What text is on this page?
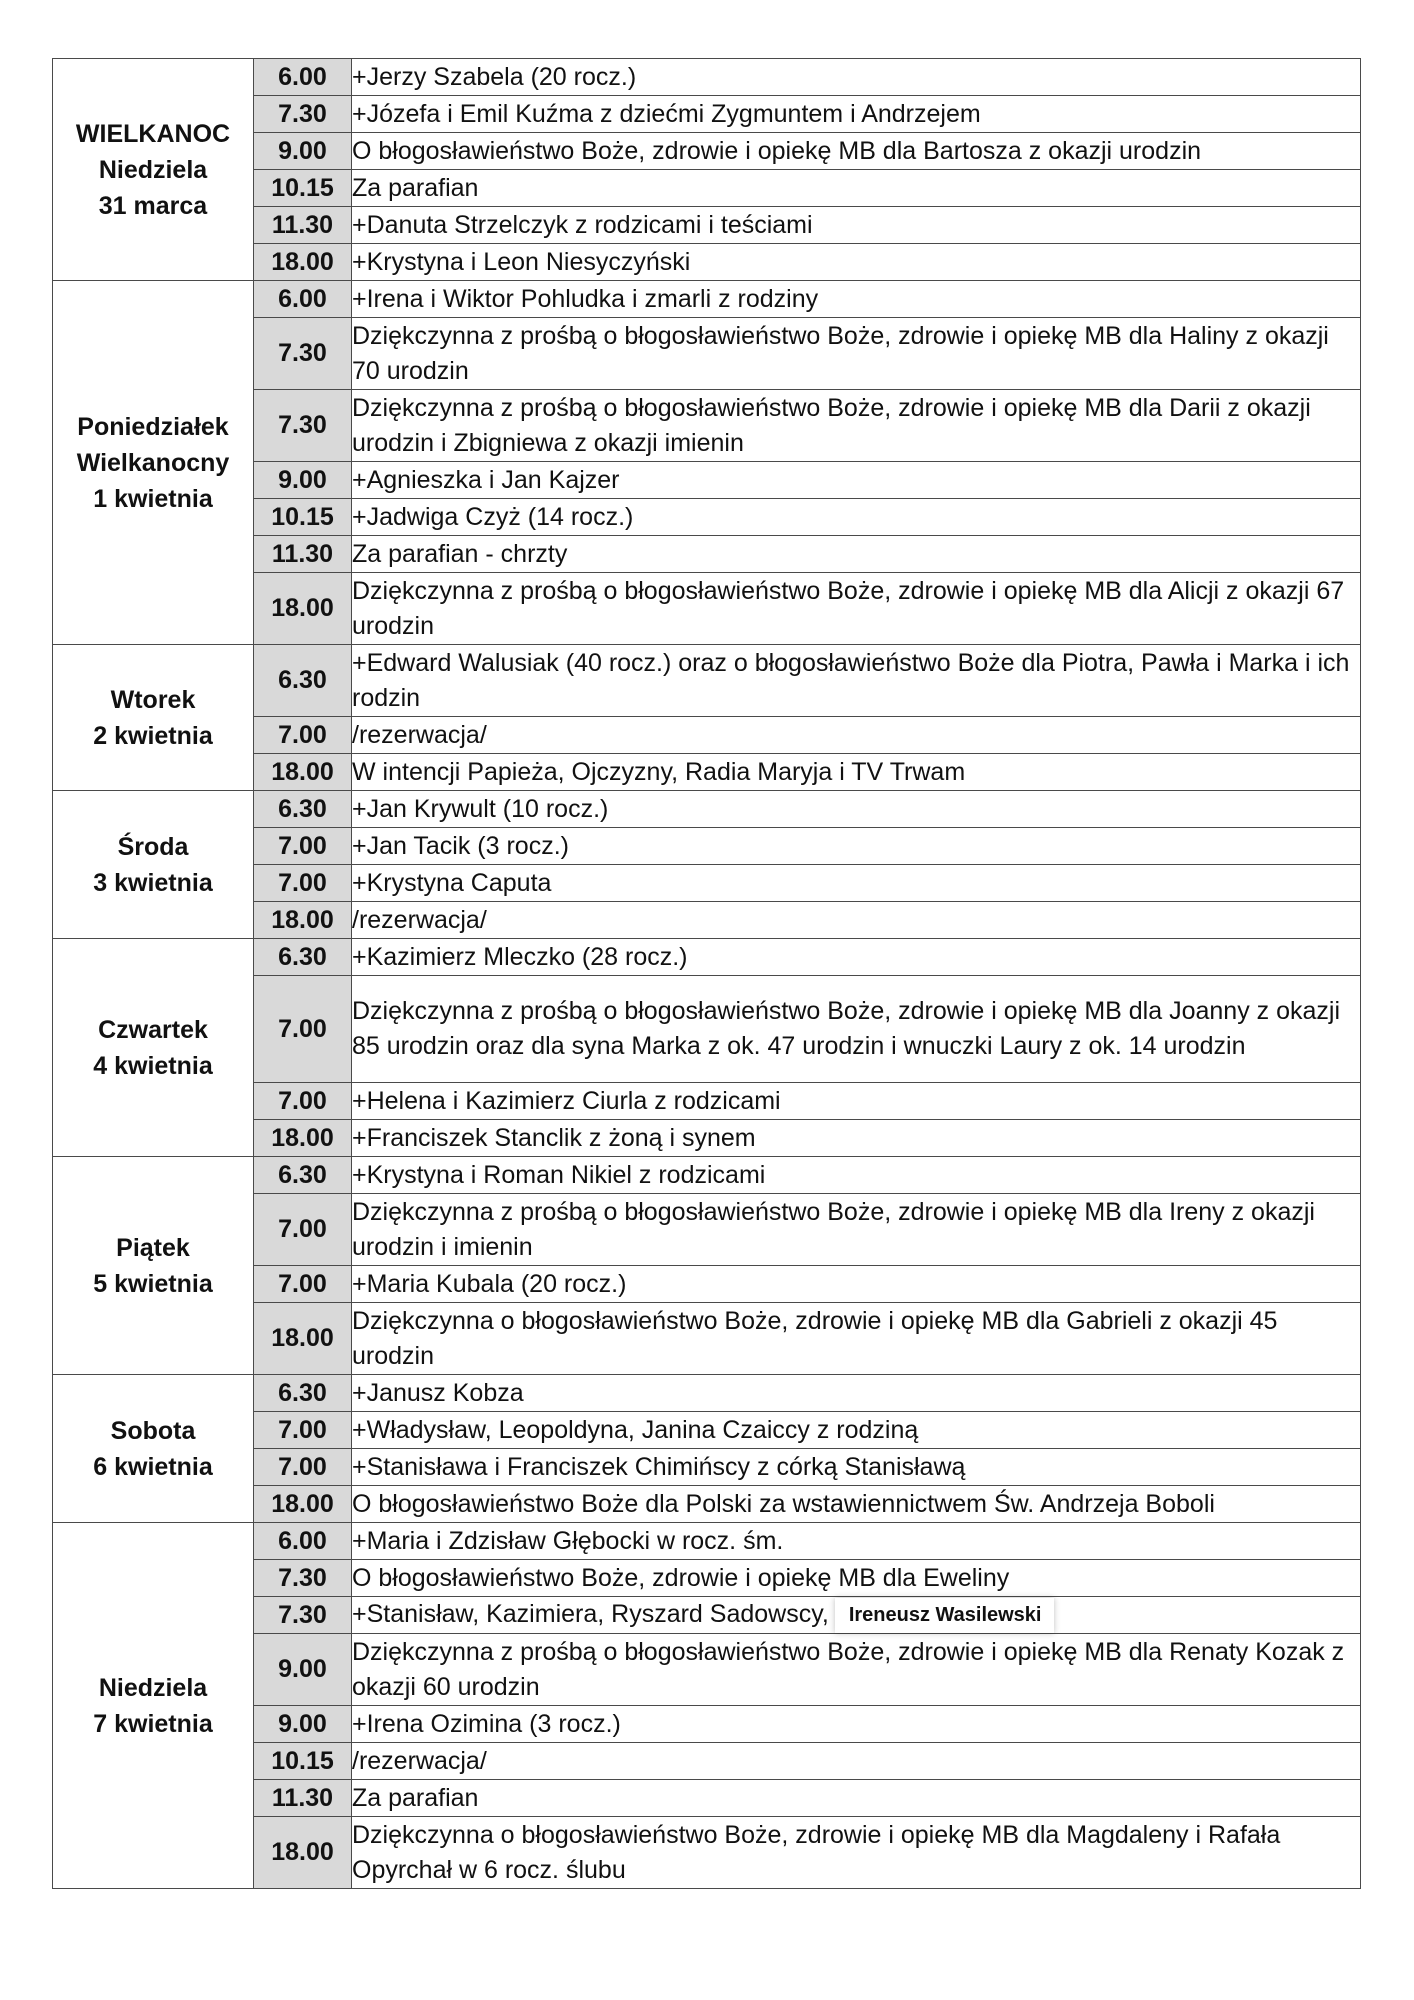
WIELKANOC
Niedziela
31 marca	6.00	+Jerzy Szabela (20 rocz.)
	7.30	+Józefa i Emil Kuźma z dziećmi Zygmuntem i Andrzejem
	9.00	O błogosławieństwo Boże, zdrowie i opiekę MB dla Bartosza z okazji urodzin
	10.15	Za parafian
	11.30	+Danuta Strzelczyk z rodzicami i teściami
	18.00	+Krystyna i Leon Niesyczyński

Poniedziałek
Wielkanocny
1 kwietnia	6.00	+Irena i Wiktor Pohludka i zmarli z rodziny
	7.30	Dziękczynna z prośbą o błogosławieństwo Boże, zdrowie i opiekę MB dla Haliny z okazji 70 urodzin
	7.30	Dziękczynna z prośbą o błogosławieństwo Boże, zdrowie i opiekę MB dla Darii z okazji urodzin i Zbigniewa z okazji imienin
	9.00	+Agnieszka i Jan Kajzer
	10.15	+Jadwiga Czyż (14 rocz.)
	11.30	Za parafian - chrzty
	18.00	Dziękczynna z prośbą o błogosławieństwo Boże, zdrowie i opiekę MB dla Alicji z okazji 67 urodzin

Wtorek
2 kwietnia	6.30	+Edward Walusiak (40 rocz.) oraz o błogosławieństwo Boże dla Piotra, Pawła i Marka i ich rodzin
	7.00	/rezerwacja/
	18.00	W intencji Papieża, Ojczyzny, Radia Maryja i TV Trwam

Środa
3 kwietnia	6.30	+Jan Krywult (10 rocz.)
	7.00	+Jan Tacik (3 rocz.)
	7.00	+Krystyna Caputa
	18.00	/rezerwacja/

Czwartek
4 kwietnia	6.30	+Kazimierz Mleczko (28 rocz.)
	7.00	Dziękczynna z prośbą o błogosławieństwo Boże, zdrowie i opiekę MB dla Joanny z okazji 85 urodzin oraz dla syna Marka z ok. 47 urodzin i wnuczki Laury z ok. 14 urodzin
	7.00	+Helena i Kazimierz Ciurla z rodzicami
	18.00	+Franciszek Stanclik z żoną i synem

Piątek
5 kwietnia	6.30	+Krystyna i Roman Nikiel z rodzicami
	7.00	Dziękczynna z prośbą o błogosławieństwo Boże, zdrowie i opiekę MB dla Ireny z okazji urodzin i imienin
	7.00	+Maria Kubala (20 rocz.)
	18.00	Dziękczynna o błogosławieństwo Boże, zdrowie i opiekę MB dla Gabrieli z okazji 45 urodzin

Sobota
6 kwietnia	6.30	+Janusz Kobza
	7.00	+Władysław, Leopoldyna, Janina Czaiccy z rodziną
	7.00	+Stanisława i Franciszek Chimińscy z córką Stanisławą
	18.00	O błogosławieństwo Boże dla Polski za wstawiennictwem Św. Andrzeja Boboli

Niedziela
7 kwietnia	6.00	+Maria i Zdzisław Głębocki w rocz. śm.
	7.30	O błogosławieństwo Boże, zdrowie i opiekę MB dla Eweliny
	7.30	+Stanisław, Kazimiera, Ryszard Sadowscy, Ireneusz Wasilewski
	9.00	Dziękczynna z prośbą o błogosławieństwo Boże, zdrowie i opiekę MB dla Renaty Kozak z okazji 60 urodzin
	9.00	+Irena Ozimina (3 rocz.)
	10.15	/rezerwacja/
	11.30	Za parafian
	18.00	Dziękczynna o błogosławieństwo Boże, zdrowie i opiekę MB dla Magdaleny i Rafała Opyrchał w 6 rocz. ślubu
